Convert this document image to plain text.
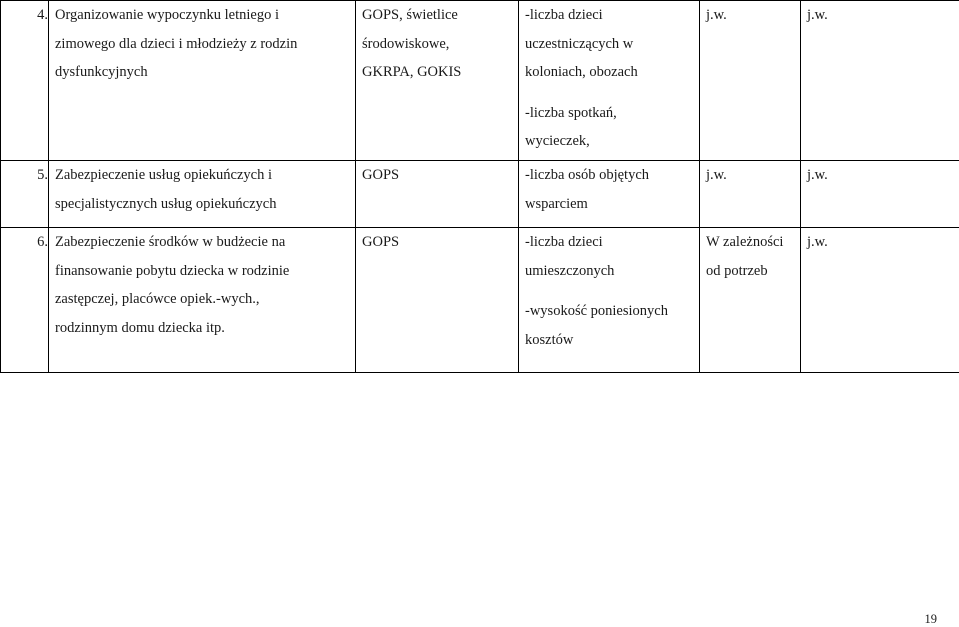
4.	Organizowanie wypoczynku letniego i
zimowego dla dzieci i młodzieży z rodzin
dysfunkcyjnych	GOPS, świetlice
środowiskowe,
GKRPA, GOKIS	-liczba dzieci
uczestniczących w
koloniach, obozach
-liczba spotkań,
wycieczek,	j.w.	j.w.

5.	Zabezpieczenie usług opiekuńczych i
specjalistycznych usług opiekuńczych	GOPS	-liczba osób objętych
wsparciem	j.w.	j.w.

6.	Zabezpieczenie środków w budżecie na
finansowanie pobytu dziecka w rodzinie
zastępczej, placówce opiek.-wych.,
rodzinnym domu dziecka itp.	GOPS	-liczba dzieci
umieszczonych
-wysokość poniesionych
kosztów	W zależności
od potrzeb	j.w.
19
